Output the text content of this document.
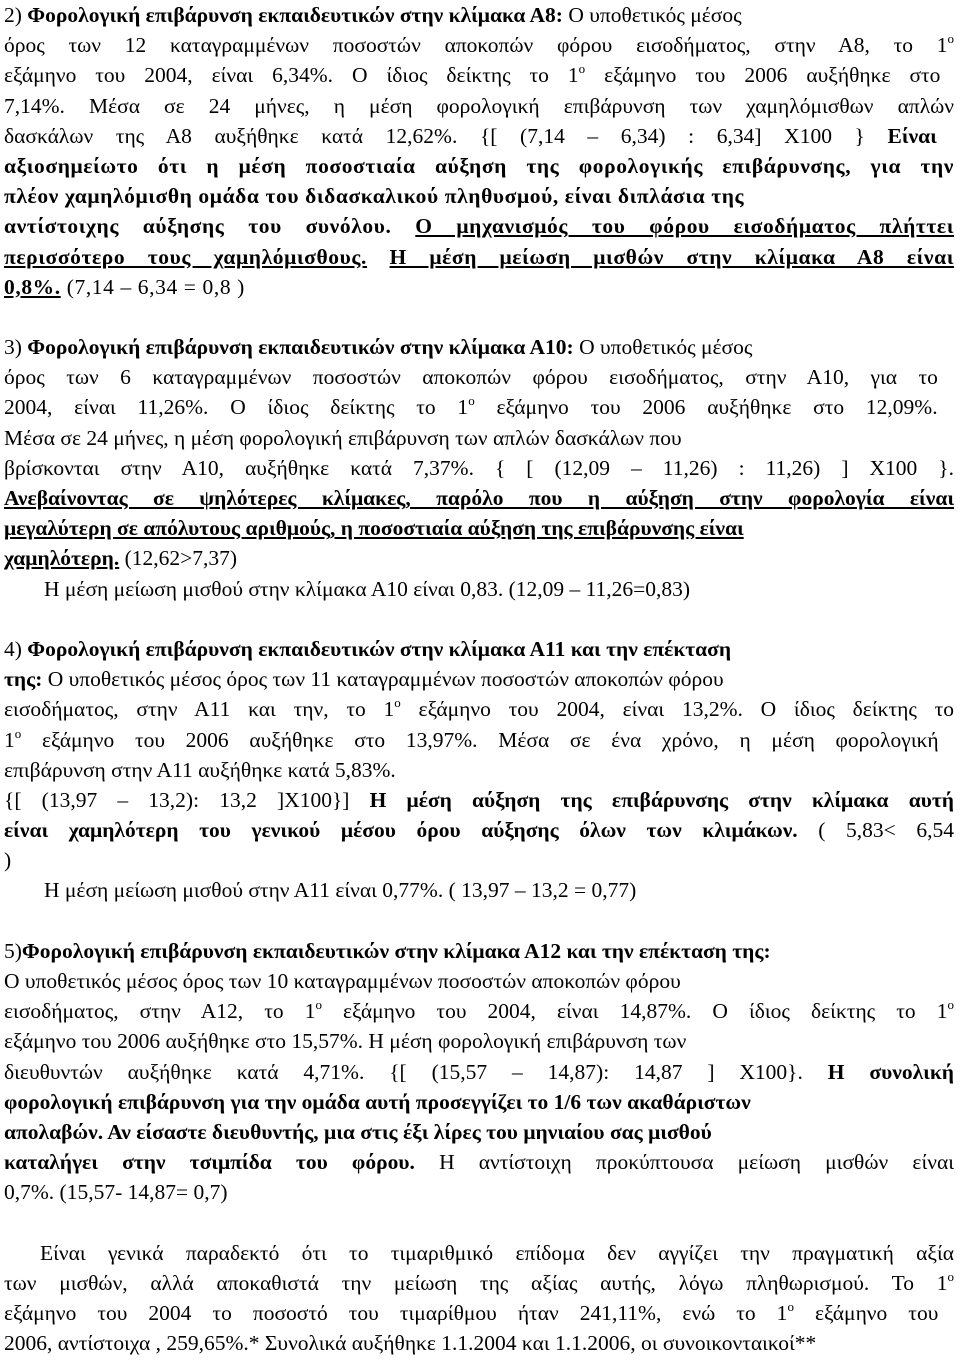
2) Φορολογική επιβάρυνση εκπαιδευτικών στην κλίμακα Α8: Ο υποθετικός μέσος
όρος των 12 καταγραμμένων ποσοστών αποκοπών φόρου εισοδήματος, στην Α8, το $1^o$
εξάμηνο του 2004, είναι 6,34%. Ο ίδιος δείκτης το $1^o$ εξάμηνο του 2006 αυξήθηκε στο
7,14%. Μέσα σε 24 μήνες, η μέση φορολογική επιβάρυνση των χαμηλόμισθων απλών
δασκάλων της Α8 αυξήθηκε κατά 12,62%. {[ (7,14 – 6,34) : 6,34] Χ100 } Είναι
αξιοσημείωτο ότι η μέση ποσοστιαία αύξηση της φορολογικής επιβάρυνσης, για την
πλέον χαμηλόμισθη ομάδα του διδασκαλικού πληθυσμού, είναι διπλάσια της
αντίστοιχης αύξησης του συνόλου. Ο μηχανισμός του φόρου εισοδήματος πλήττει
περισσότερο τους χαμηλόμισθους. Η μέση μείωση μισθών στην κλίμακα Α8 είναι
0,8%. (7,14 – 6,34 = 0,8 )
3) Φορολογική επιβάρυνση εκπαιδευτικών στην κλίμακα Α10: Ο υποθετικός μέσος
όρος των 6 καταγραμμένων ποσοστών αποκοπών φόρου εισοδήματος, στην Α10, για το
2004, είναι 11,26%. Ο ίδιος δείκτης το $1^o$ εξάμηνο του 2006 αυξήθηκε στο 12,09%.
Μέσα σε 24 μήνες, η μέση φορολογική επιβάρυνση των απλών δασκάλων που
βρίσκονται στην Α10, αυξήθηκε κατά 7,37%. { [ (12,09 – 11,26) : 11,26) ] Χ100 }.
Ανεβαίνοντας σε ψηλότερες κλίμακες, παρόλο που η αύξηση στην φορολογία είναι
μεγαλύτερη σε απόλυτους αριθμούς, η ποσοστιαία αύξηση της επιβάρυνσης είναι
χαμηλότερη. (12,62>7,37)
Η μέση μείωση μισθού στην κλίμακα Α10 είναι 0,83. (12,09 – 11,26=0,83)
4) Φορολογική επιβάρυνση εκπαιδευτικών στην κλίμακα Α11 και την επέκταση
της: Ο υποθετικός μέσος όρος των 11 καταγραμμένων ποσοστών αποκοπών φόρου
εισοδήματος, στην Α11 και την, το $1^o$ εξάμηνο του 2004, είναι 13,2%. Ο ίδιος δείκτης το
$1^o$ εξάμηνο του 2006 αυξήθηκε στο 13,97%. Μέσα σε ένα χρόνο, η μέση φορολογική
επιβάρυνση στην Α11 αυξήθηκε κατά 5,83%.
{[ (13,97 – 13,2): 13,2 ]Χ100}] Η μέση αύξηση της επιβάρυνσης στην κλίμακα αυτή
είναι χαμηλότερη του γενικού μέσου όρου αύξησης όλων των κλιμάκων. ( 5,83< 6,54
)
Η μέση μείωση μισθού στην Α11 είναι 0,77%. ( 13,97 – 13,2 = 0,77)
5)Φορολογική επιβάρυνση εκπαιδευτικών στην κλίμακα Α12 και την επέκταση της:
Ο υποθετικός μέσος όρος των 10 καταγραμμένων ποσοστών αποκοπών φόρου
εισοδήματος, στην Α12, το $1^o$ εξάμηνο του 2004, είναι 14,87%. Ο ίδιος δείκτης το $1^o$
εξάμηνο του 2006 αυξήθηκε στο 15,57%. Η μέση φορολογική επιβάρυνση των
διευθυντών αυξήθηκε κατά 4,71%. {[ (15,57 – 14,87): 14,87 ] Χ100}. Η συνολική
φορολογική επιβάρυνση για την ομάδα αυτή προσεγγίζει το 1/6 των ακαθάριστων
απολαβών. Αν είσαστε διευθυντής, μια στις έξι λίρες του μηνιαίου σας μισθού
καταλήγει στην τσιμπίδα του φόρου. Η αντίστοιχη προκύπτουσα μείωση μισθών είναι
0,7%. (15,57- 14,87= 0,7)
Είναι γενικά παραδεκτό ότι το τιμαριθμικό επίδομα δεν αγγίζει την πραγματική αξία
των μισθών, αλλά αποκαθιστά την μείωση της αξίας αυτής, λόγω πληθωρισμού. Το $1^o$
εξάμηνο του 2004 το ποσοστό του τιμαρίθμου ήταν 241,11%, ενώ το $1^o$ εξάμηνο του
2006, αντίστοιχα , 259,65%.* Συνολικά αυξήθηκε 1.1.2004 και 1.1.2006, οι συνοικονταικοί**
